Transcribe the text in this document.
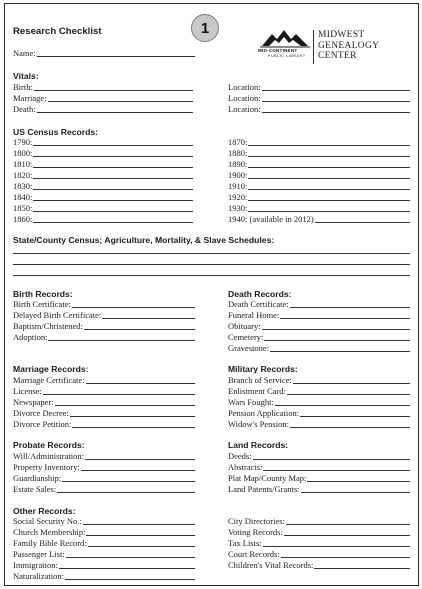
1
Research Checklist
Name:	MID-CONTINENT
PUBLIC LIBRARY
MIDWEST
GENEALOGY
CENTER
Vitals:
Birth:
Marriage:
Death:
Location:
Location:
Location:
US Census Records:
1790:
1800:
1810:
1820:
1830:
1840:
1850:
1860:
1870:
1880:
1890:
1900:
1910:
1920:
1930:
1940: (available in 2012)
State/County Census; Agriculture, Mortality, & Slave Schedules:
Birth Records:
Birth Certificate:
Delayed Birth Certificate:
Baptism/Christened:
Adoption:
Death Records:
Death Certificate:
Funeral Home:
Obituary:
Cemetery:
Gravestone:
Marriage Records:
Marriage Certificate:
License:
Newspaper:
Divorce Decree:
Divorce Petition:
Military Records:
Branch of Service:
Enlistment Card:
Wars Fought:
Pension Application:
Widow's Pension:
Probate Records:
Will/Administration:
Property Inventory:
Guardianship:
Estate Sales:
Land Records:
Deeds:
Abstracts:
Plat Map/County Map:
Land Patents/Grants:
Other Records:
Social Security No.:
Church Membership:
Family Bible Record:
Passenger List:
Immigration:
Naturalization:
City Directories:
Voting Records:
Tax Lists:
Court Records:
Children's Vital Records:
